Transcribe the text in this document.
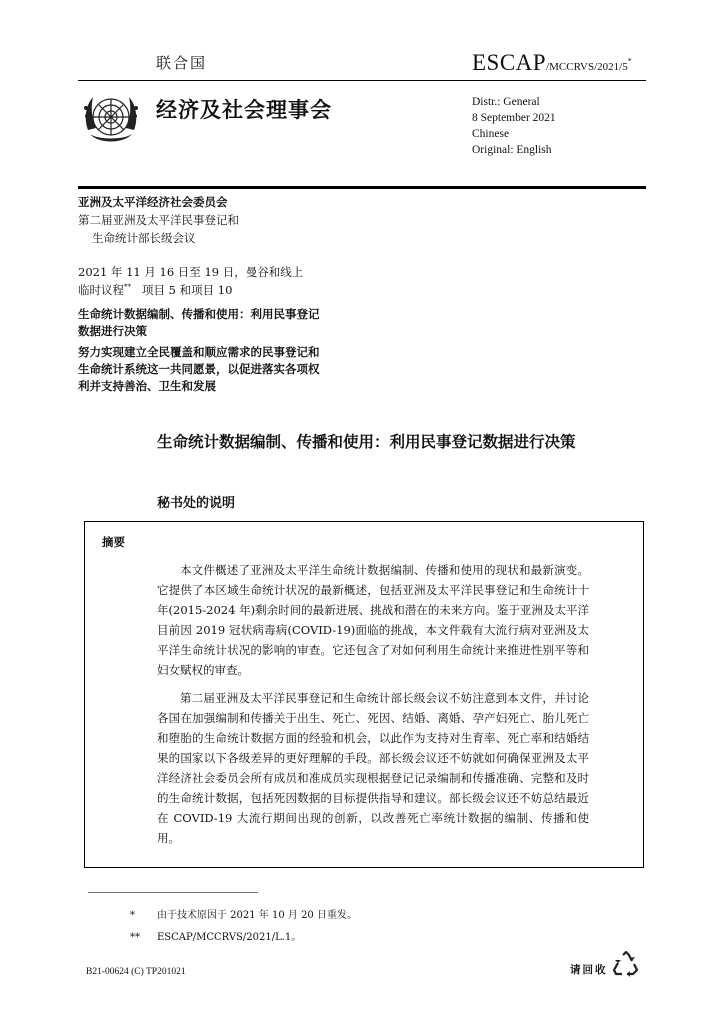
联合国	ESCAP/MCCRVS/2021/5*
经济及社会理事会	Distr.: General
8 September 2021
Chinese
Original: English
亚洲及太平洋经济社会委员会
第二届亚洲及太平洋民事登记和
生命统计部长级会议
2021 年 11 月 16 日至 19 日，曼谷和线上
临时议程** 项目 5 和项目 10
生命统计数据编制、传播和使用：利用民事登记数据进行决策
努力实现建立全民覆盖和顺应需求的民事登记和生命统计系统这一共同愿景，以促进落实各项权利并支持善治、卫生和发展
生命统计数据编制、传播和使用：利用民事登记数据进行决策
秘书处的说明
摘要
本文件概述了亚洲及太平洋生命统计数据编制、传播和使用的现状和最新演变。它提供了本区域生命统计状况的最新概述，包括亚洲及太平洋民事登记和生命统计十年(2015-2024 年)剩余时间的最新进展、挑战和潜在的未来方向。鉴于亚洲及太平洋目前因 2019 冠状病毒病(COVID-19)面临的挑战，本文件载有大流行病对亚洲及太平洋生命统计状况的影响的审查。它还包含了对如何利用生命统计来推进性别平等和妇女赋权的审查。
第二届亚洲及太平洋民事登记和生命统计部长级会议不妨注意到本文件，并讨论各国在加强编制和传播关于出生、死亡、死因、结婚、离婚、孕产妇死亡、胎儿死亡和堕胎的生命统计数据方面的经验和机会，以此作为支持对生育率、死亡率和结婚结果的国家以下各级差异的更好理解的手段。部长级会议还不妨就如何确保亚洲及太平洋经济社会委员会所有成员和准成员实现根据登记记录编制和传播准确、完整和及时的生命统计数据，包括死因数据的目标提供指导和建议。部长级会议还不妨总结最近在 COVID-19 大流行期间出现的创新，以改善死亡率统计数据的编制、传播和使用。
* 由于技术原因于 2021 年 10 月 20 日重发。
** ESCAP/MCCRVS/2021/L.1。
B21-00624 (C) TP201021	请回收
